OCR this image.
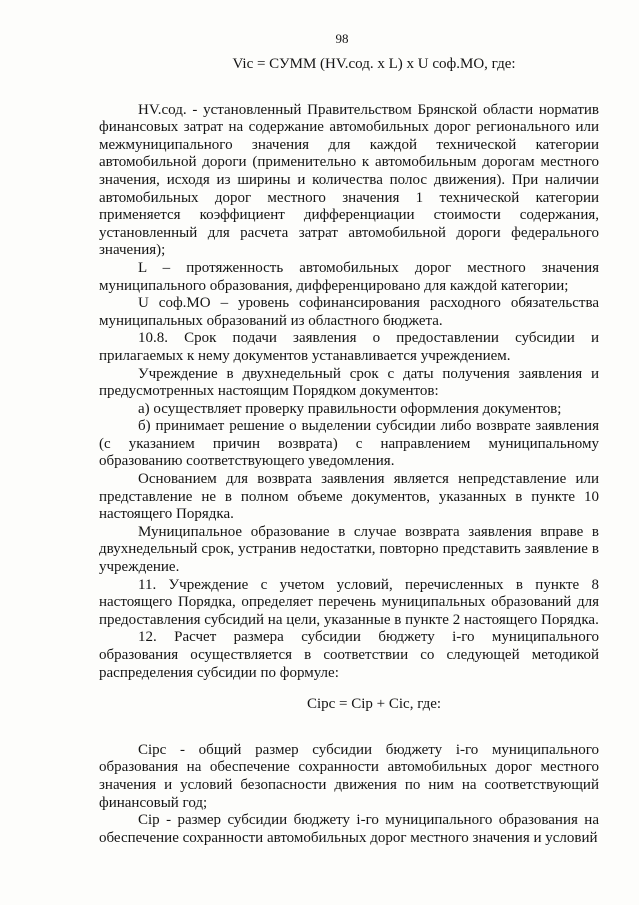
98

Vic = СУММ (HV.сод. x L) x U соф.МО, где:

HV.сод. - установленный Правительством Брянской области норматив финансовых затрат на содержание автомобильных дорог регионального или межмуниципального значения для каждой технической категории автомобильной дороги (применительно к автомобильным дорогам местного значения, исходя из ширины и количества полос движения). При наличии автомобильных дорог местного значения 1 технической категории применяется коэффициент дифференциации стоимости содержания, установленный для расчета затрат автомобильной дороги федерального значения);

L – протяженность автомобильных дорог местного значения муниципального образования, дифференцировано для каждой категории;

U соф.МО – уровень софинансирования расходного обязательства муниципальных образований из областного бюджета.

10.8. Срок подачи заявления о предоставлении субсидии и прилагаемых к нему документов устанавливается учреждением.

Учреждение в двухнедельный срок с даты получения заявления и предусмотренных настоящим Порядком документов:

а) осуществляет проверку правильности оформления документов;

б) принимает решение о выделении субсидии либо возврате заявления (с указанием причин возврата) с направлением муниципальному образованию соответствующего уведомления.

Основанием для возврата заявления является непредставление или представление не в полном объеме документов, указанных в пункте 10 настоящего Порядка.

Муниципальное образование в случае возврата заявления вправе в двухнедельный срок, устранив недостатки, повторно представить заявление в учреждение.

11. Учреждение с учетом условий, перечисленных в пункте 8 настоящего Порядка, определяет перечень муниципальных образований для предоставления субсидий на цели, указанные в пункте 2 настоящего Порядка.

12. Расчет размера субсидии бюджету i-го муниципального образования осуществляется в соответствии со следующей методикой распределения субсидии по формуле:

Cipc = Cip + Cic, где:

Cipc - общий размер субсидии бюджету i-го муниципального образования на обеспечение сохранности автомобильных дорог местного значения и условий безопасности движения по ним на соответствующий финансовый год;

Cip - размер субсидии бюджету i-го муниципального образования на обеспечение сохранности автомобильных дорог местного значения и условий
